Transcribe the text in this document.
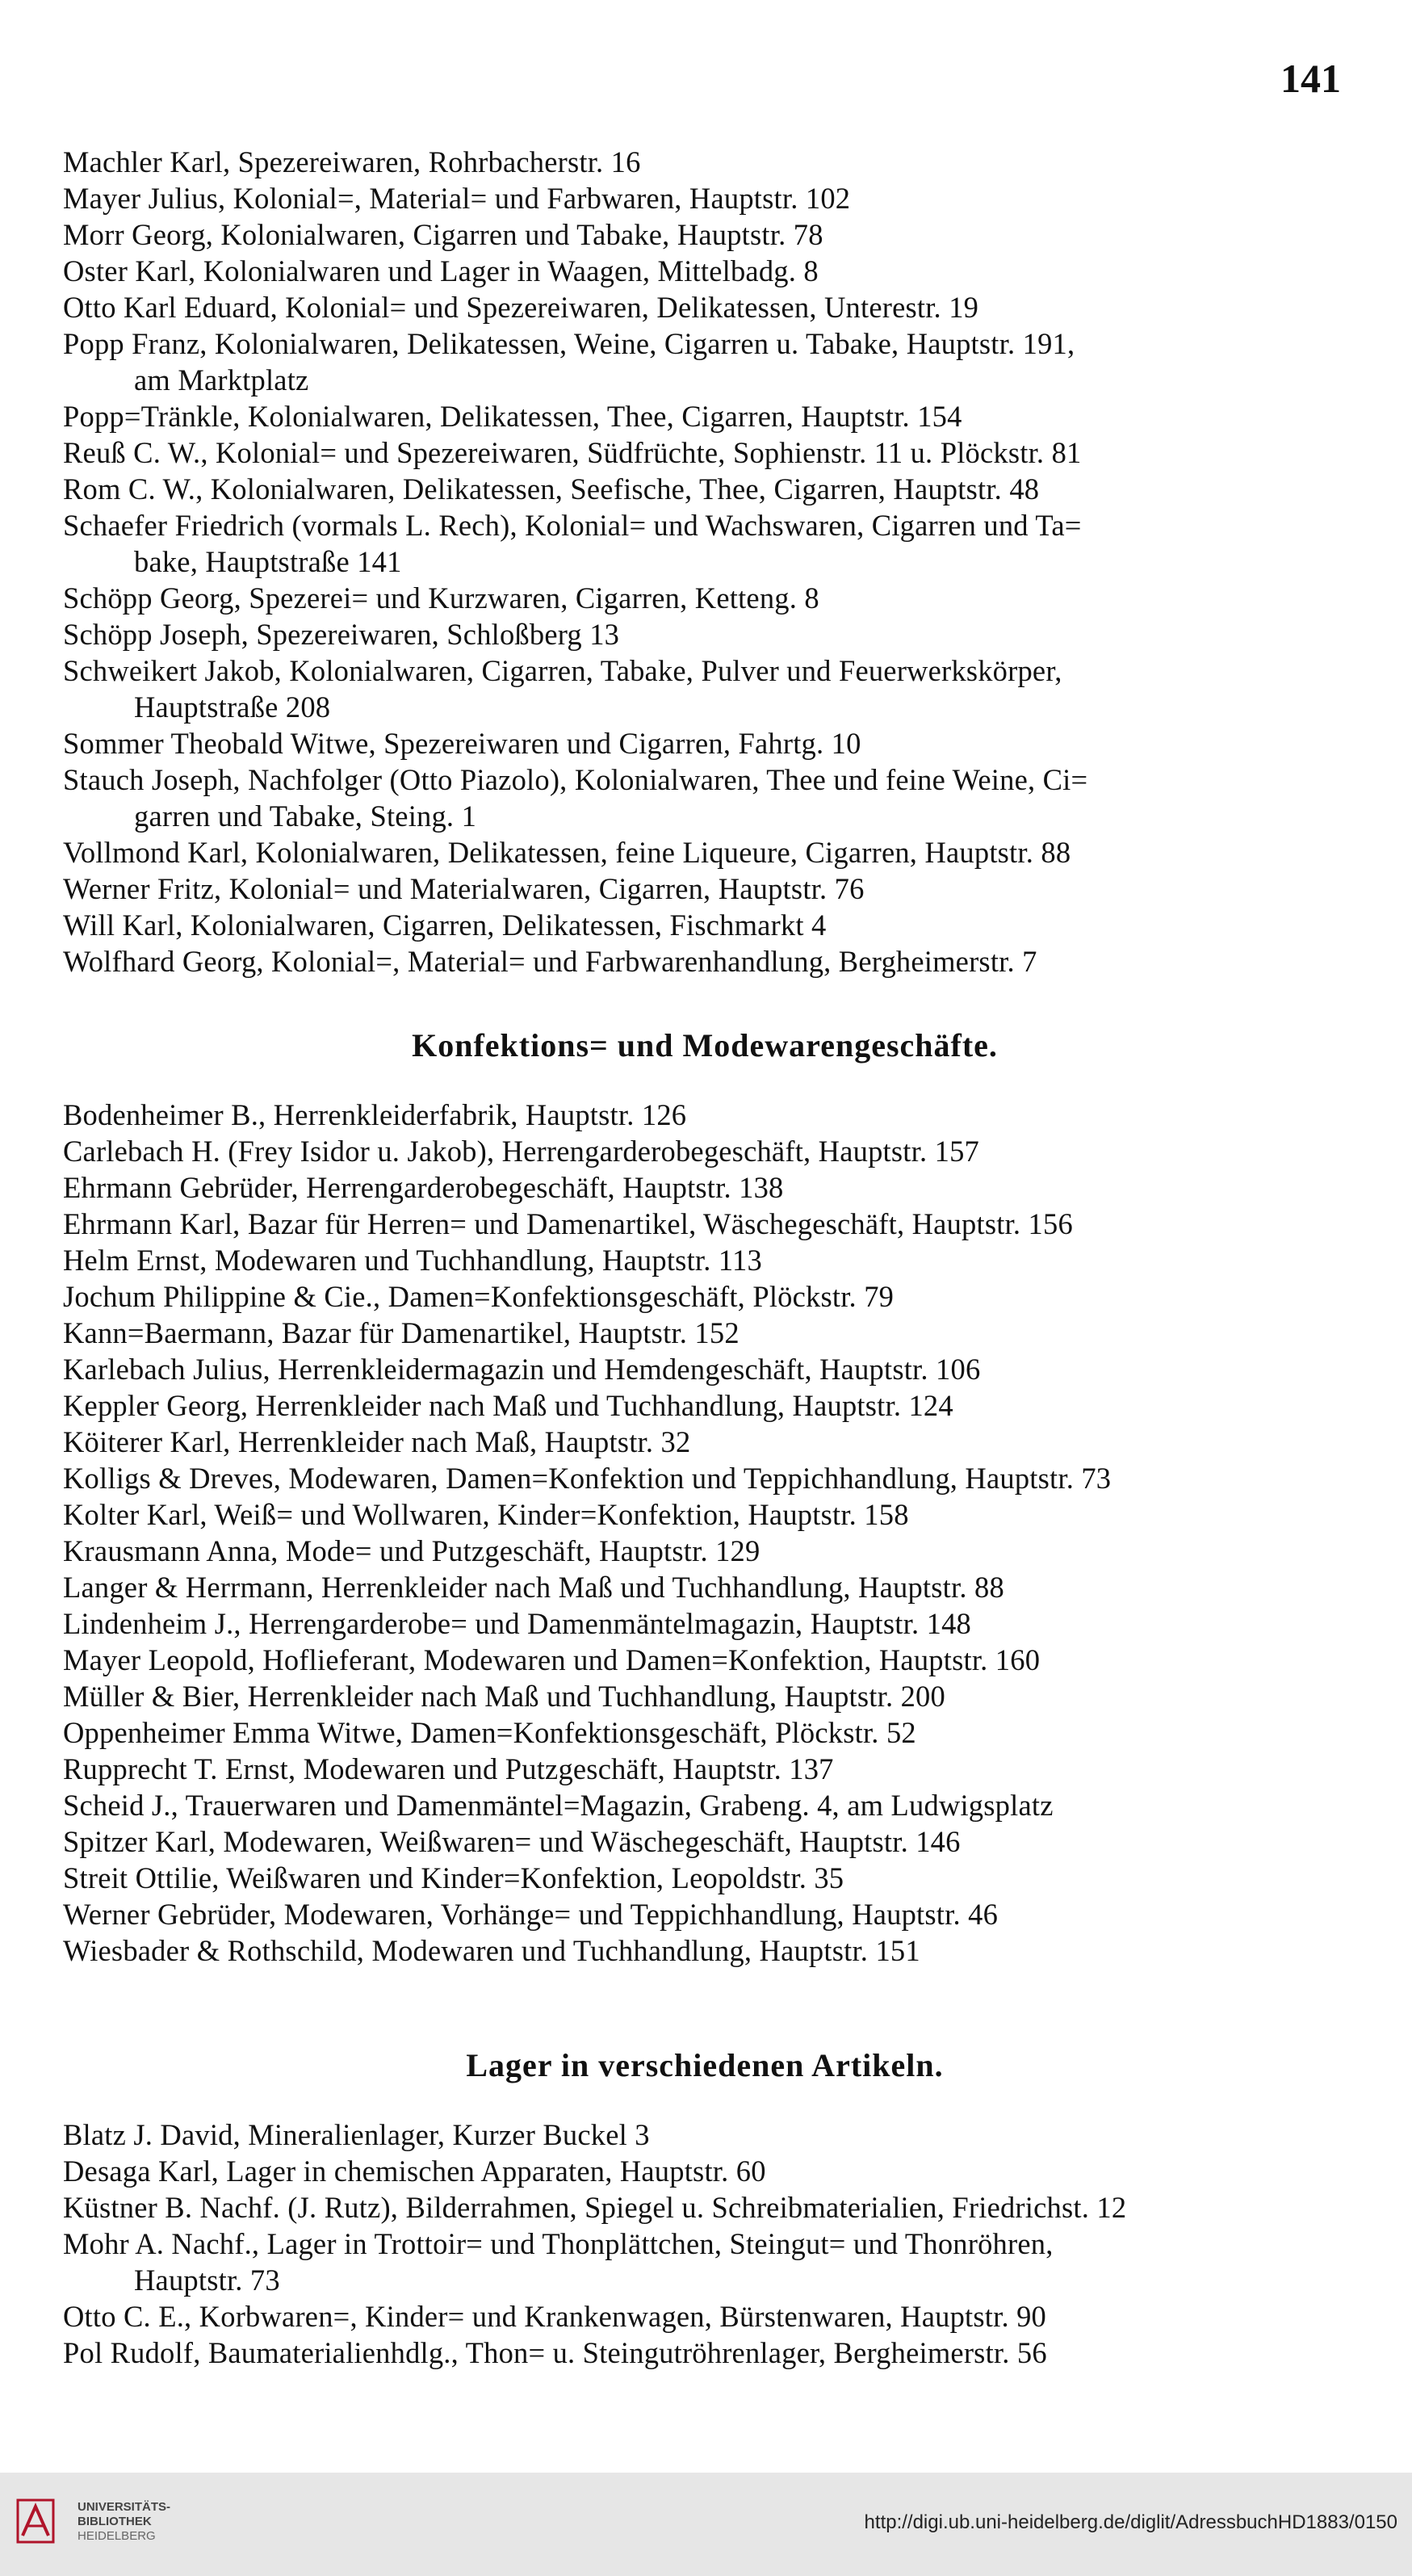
141
Machler Karl, Spezereiwaren, Rohrbacherstr. 16
Mayer Julius, Kolonial=, Material= und Farbwaren, Hauptstr. 102
Morr Georg, Kolonialwaren, Cigarren und Tabake, Hauptstr. 78
Oster Karl, Kolonialwaren und Lager in Waagen, Mittelbadg. 8
Otto Karl Eduard, Kolonial= und Spezereiwaren, Delikatessen, Unterestr. 19
Popp Franz, Kolonialwaren, Delikatessen, Weine, Cigarren u. Tabake, Hauptstr. 191,
am Marktplatz
Popp=Tränkle, Kolonialwaren, Delikatessen, Thee, Cigarren, Hauptstr. 154
Reuß C. W., Kolonial= und Spezereiwaren, Südfrüchte, Sophienstr. 11 u. Plöckstr. 81
Rom C. W., Kolonialwaren, Delikatessen, Seefische, Thee, Cigarren, Hauptstr. 48
Schaefer Friedrich (vormals L. Rech), Kolonial= und Wachswaren, Cigarren und Ta=
bake, Hauptstraße 141
Schöpp Georg, Spezerei= und Kurzwaren, Cigarren, Ketteng. 8
Schöpp Joseph, Spezereiwaren, Schloßberg 13
Schweikert Jakob, Kolonialwaren, Cigarren, Tabake, Pulver und Feuerwerkskörper,
Hauptstraße 208
Sommer Theobald Witwe, Spezereiwaren und Cigarren, Fahrtg. 10
Stauch Joseph, Nachfolger (Otto Piazolo), Kolonialwaren, Thee und feine Weine, Ci=
garren und Tabake, Steing. 1
Vollmond Karl, Kolonialwaren, Delikatessen, feine Liqueure, Cigarren, Hauptstr. 88
Werner Fritz, Kolonial= und Materialwaren, Cigarren, Hauptstr. 76
Will Karl, Kolonialwaren, Cigarren, Delikatessen, Fischmarkt 4
Wolfhard Georg, Kolonial=, Material= und Farbwarenhandlung, Bergheimerstr. 7
Konfektions= und Modewarengeschäfte.
Bodenheimer B., Herrenkleiderfabrik, Hauptstr. 126
Carlebach H. (Frey Isidor u. Jakob), Herrengarderobegeschäft, Hauptstr. 157
Ehrmann Gebrüder, Herrengarderobegeschäft, Hauptstr. 138
Ehrmann Karl, Bazar für Herren= und Damenartikel, Wäschegeschäft, Hauptstr. 156
Helm Ernst, Modewaren und Tuchhandlung, Hauptstr. 113
Jochum Philippine & Cie., Damen=Konfektionsgeschäft, Plöckstr. 79
Kann=Baermann, Bazar für Damenartikel, Hauptstr. 152
Karlebach Julius, Herrenkleidermagazin und Hemdengeschäft, Hauptstr. 106
Keppler Georg, Herrenkleider nach Maß und Tuchhandlung, Hauptstr. 124
Köiterer Karl, Herrenkleider nach Maß, Hauptstr. 32
Kolligs & Dreves, Modewaren, Damen=Konfektion und Teppichhandlung, Hauptstr. 73
Kolter Karl, Weiß= und Wollwaren, Kinder=Konfektion, Hauptstr. 158
Krausmann Anna, Mode= und Putzgeschäft, Hauptstr. 129
Langer & Herrmann, Herrenkleider nach Maß und Tuchhandlung, Hauptstr. 88
Lindenheim J., Herrengarderobe= und Damenmäntelmagazin, Hauptstr. 148
Mayer Leopold, Hoflieferant, Modewaren und Damen=Konfektion, Hauptstr. 160
Müller & Bier, Herrenkleider nach Maß und Tuchhandlung, Hauptstr. 200
Oppenheimer Emma Witwe, Damen=Konfektionsgeschäft, Plöckstr. 52
Rupprecht T. Ernst, Modewaren und Putzgeschäft, Hauptstr. 137
Scheid J., Trauerwaren und Damenmäntel=Magazin, Grabeng. 4, am Ludwigsplatz
Spitzer Karl, Modewaren, Weißwaren= und Wäschegeschäft, Hauptstr. 146
Streit Ottilie, Weißwaren und Kinder=Konfektion, Leopoldstr. 35
Werner Gebrüder, Modewaren, Vorhänge= und Teppichhandlung, Hauptstr. 46
Wiesbader & Rothschild, Modewaren und Tuchhandlung, Hauptstr. 151
Lager in verschiedenen Artikeln.
Blatz J. David, Mineralienlager, Kurzer Buckel 3
Desaga Karl, Lager in chemischen Apparaten, Hauptstr. 60
Küstner B. Nachf. (J. Rutz), Bilderrahmen, Spiegel u. Schreibmaterialien, Friedrichst. 12
Mohr A. Nachf., Lager in Trottoir= und Thonplättchen, Steingut= und Thonröhren,
Hauptstr. 73
Otto C. E., Korbwaren=, Kinder= und Krankenwagen, Bürstenwaren, Hauptstr. 90
Pol Rudolf, Baumaterialienhdlg., Thon= u. Steingutröhrenlager, Bergheimerstr. 56
UNIVERSITÄTS-
BIBLIOTHEK
HEIDELBERG
http://digi.ub.uni-heidelberg.de/diglit/AdressbuchHD1883/0150
